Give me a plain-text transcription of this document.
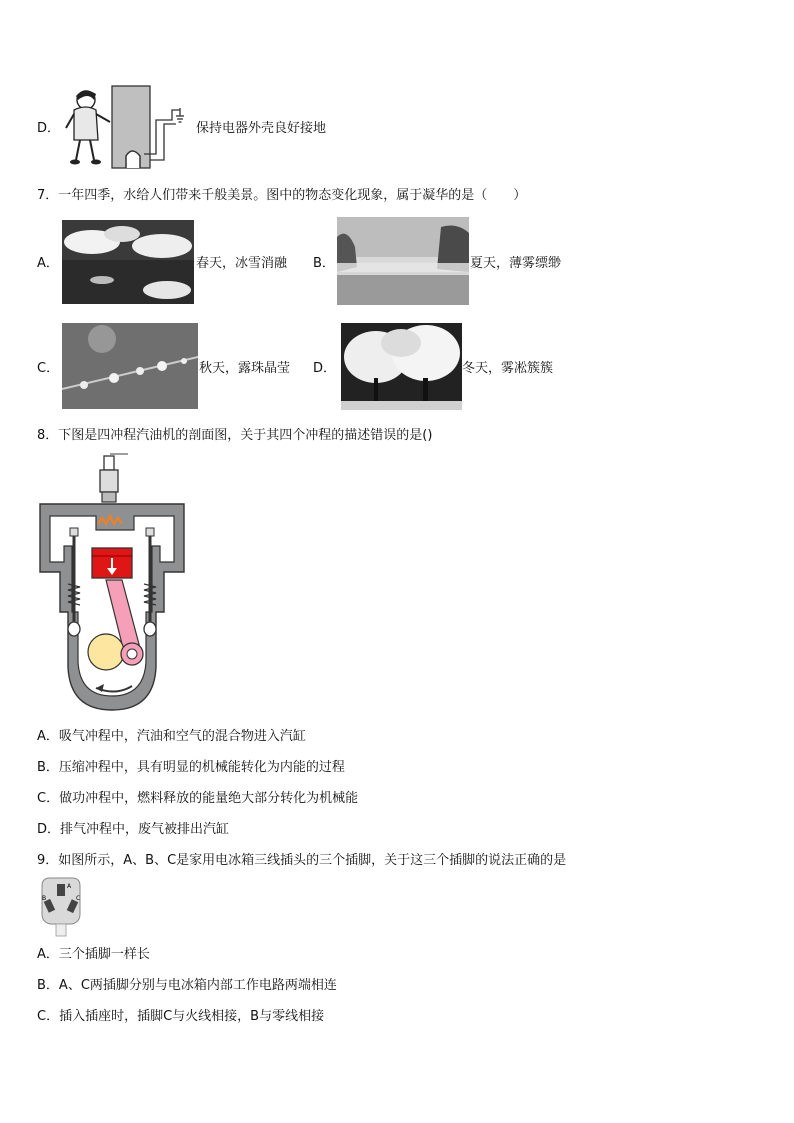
D．	保持电器外壳良好接地
7．一年四季，水给人们带来千般美景。图中的物态变化现象，属于凝华的是（　　）
A．	春天，冰雪消融 B．	夏天，薄雾缥缈
C．	秋天，露珠晶莹 D．	冬天，雾凇簇簇
8．下图是四冲程汽油机的剖面图，关于其四个冲程的描述错误的是()
A．吸气冲程中，汽油和空气的混合物进入汽缸
B．压缩冲程中，具有明显的机械能转化为内能的过程
C．做功冲程中，燃料释放的能量绝大部分转化为机械能
D．排气冲程中，废气被排出汽缸
9．如图所示，A、B、C是家用电冰箱三线插头的三个插脚，关于这三个插脚的说法正确的是
A
B	C
A．三个插脚一样长
B．A、C两插脚分别与电冰箱内部工作电路两端相连
C．插入插座时，插脚C与火线相接，B与零线相接
